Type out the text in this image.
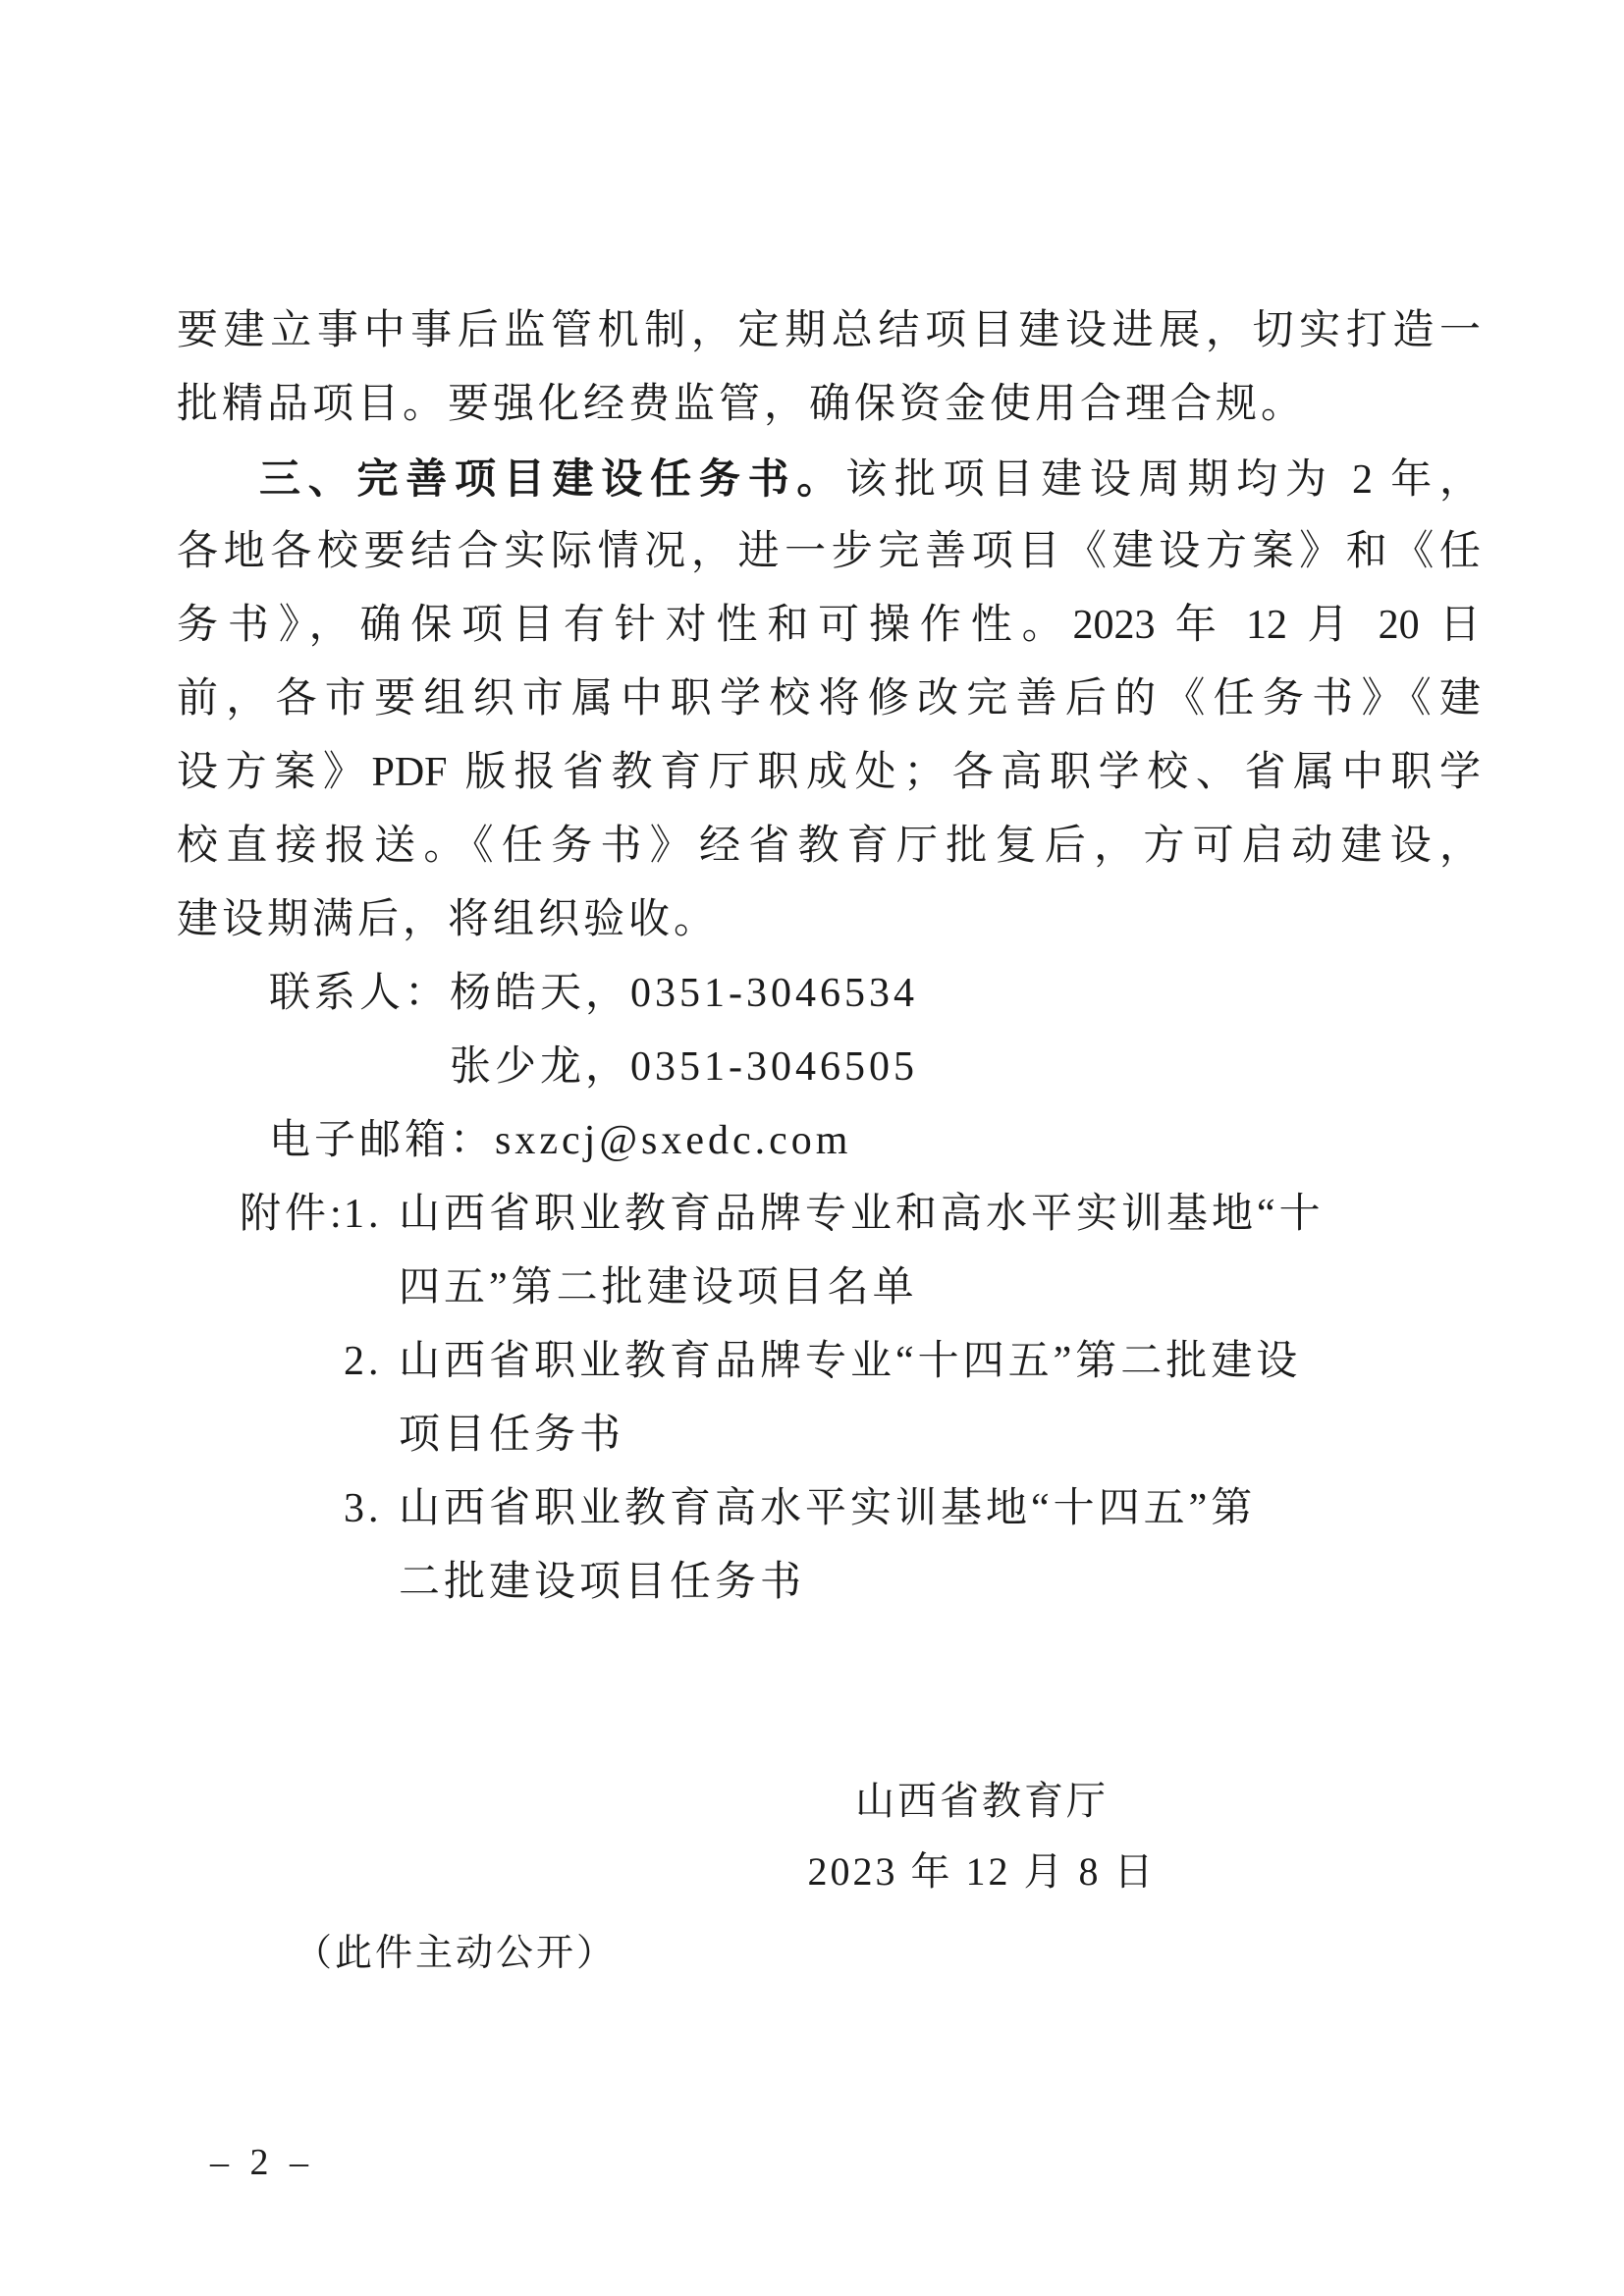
要建立事中事后监管机制，定期总结项目建设进展，切实打造一
批精品项目。要强化经费监管，确保资金使用合理合规。
三、完善项目建设任务书。该批项目建设周期均为 2 年，
各地各校要结合实际情况，进一步完善项目《建设方案》和《任
务书》，确保项目有针对性和可操作性。2023 年 12 月 20 日
前，各市要组织市属中职学校将修改完善后的《任务书》《建
设方案》PDF 版报省教育厅职成处；各高职学校、省属中职学
校直接报送。《任务书》经省教育厅批复后，方可启动建设，
建设期满后，将组织验收。
联系人： 杨皓天，0351-3046534
张少龙，0351-3046505
电子邮箱：sxzcj@sxedc.com
附件:
1. 山西省职业教育品牌专业和高水平实训基地“十
四五”第二批建设项目名单
2. 山西省职业教育品牌专业“十四五”第二批建设
项目任务书
3. 山西省职业教育高水平实训基地“十四五”第
二批建设项目任务书
山西省教育厅
2023 年 12 月 8 日
（此件主动公开）
– 2 –
